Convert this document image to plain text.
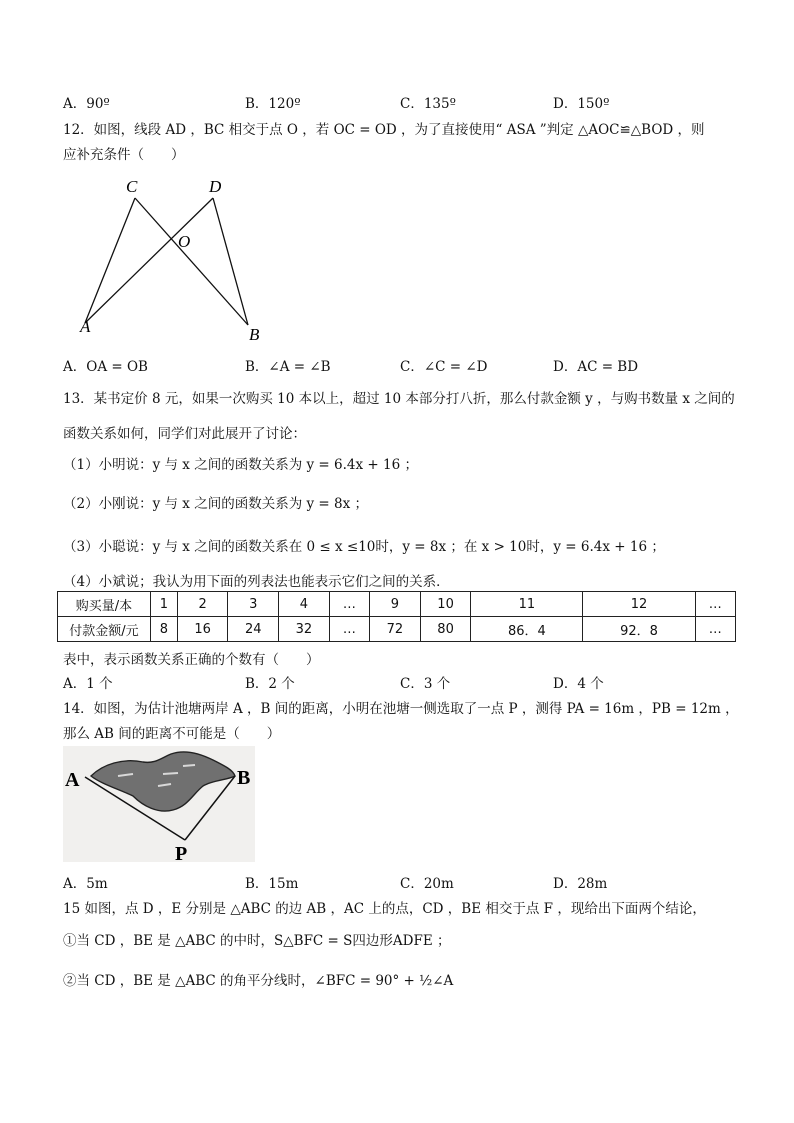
A．90º	B．120º	C．135º	D．150º
12．如图，线段 AD ，BC 相交于点 O ，若 OC = OD ，为了直接使用“ ASA ”判定 △AOC≌△BOD ，则
应补充条件（　　）
C	D
O
A	B
A．OA = OB	B．∠A = ∠B	C．∠C = ∠D	D．AC = BD
13．某书定价 8 元，如果一次购买 10 本以上，超过 10 本部分打八折，那么付款金额 y ，与购书数量 x 之间的
函数关系如何，同学们对此展开了讨论：
（1）小明说：y 与 x 之间的函数关系为 y = 6.4x + 16 ；
（2）小刚说：y 与 x 之间的函数关系为 y = 8x ；
（3）小聪说：y 与 x 之间的函数关系在 0 ≤ x ≤10时，y = 8x ；在 x > 10时，y = 6.4x + 16 ；
（4）小斌说；我认为用下面的列表法也能表示它们之间的关系．
购买量/本	1	2	3	4	…	9	10	11	12	…
付款金额/元	8	16	24	32	…	72	80	86．4	92．8	…
表中，表示函数关系正确的个数有（　　）
A．1 个	B．2 个	C．3 个	D．4 个
14．如图，为估计池塘两岸 A ，B 间的距离，小明在池塘一侧选取了一点 P ，测得 PA = 16m ，PB = 12m ，
那么 AB 间的距离不可能是（　　）
A	B
P
A．5m	B．15m	C．20m	D．28m
15 如图，点 D ，E 分别是 △ABC 的边 AB ，AC 上的点，CD ，BE 相交于点 F ，现给出下面两个结论，
①当 CD ，BE 是 △ABC 的中时，S△BFC = S四边形ADFE ；
②当 CD ，BE 是 △ABC 的角平分线时，∠BFC = 90° + ½∠A
